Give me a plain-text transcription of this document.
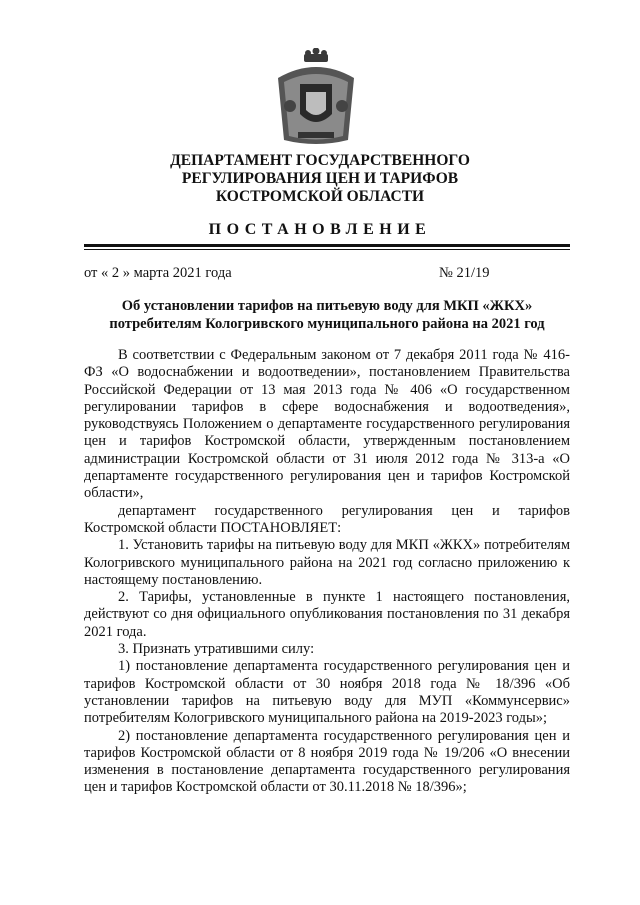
ДЕПАРТАМЕНТ ГОСУДАРСТВЕННОГО
РЕГУЛИРОВАНИЯ ЦЕН И ТАРИФОВ
КОСТРОМСКОЙ ОБЛАСТИ
ПОСТАНОВЛЕНИЕ
от « 2 » марта 2021 года	№ 21/19
Об установлении тарифов на питьевую воду для МКП «ЖКХ»
потребителям Кологривского муниципального района на 2021 год

В соответствии с Федеральным законом от 7 декабря 2011 года № 416-ФЗ «О водоснабжении и водоотведении», постановлением Правительства Российской Федерации от 13 мая 2013 года № 406 «О государственном регулировании тарифов в сфере водоснабжения и водоотведения», руководствуясь Положением о департаменте государственного регулирования цен и тарифов Костромской области, утвержденным постановлением администрации Костромской области от 31 июля 2012 года № 313-а «О департаменте государственного регулирования цен и тарифов Костромской области»,

департамент государственного регулирования цен и тарифов Костромской области ПОСТАНОВЛЯЕТ:

1. Установить тарифы на питьевую воду для МКП «ЖКХ» потребителям Кологривского муниципального района на 2021 год согласно приложению к настоящему постановлению.

2. Тарифы, установленные в пункте 1 настоящего постановления, действуют со дня официального опубликования постановления по 31 декабря 2021 года.

3. Признать утратившими силу:

1) постановление департамента государственного регулирования цен и тарифов Костромской области от 30 ноября 2018 года № 18/396 «Об установлении тарифов на питьевую воду для МУП «Коммунсервис» потребителям Кологривского муниципального района на 2019-2023 годы»;

2) постановление департамента государственного регулирования цен и тарифов Костромской области от 8 ноября 2019 года № 19/206 «О внесении изменения в постановление департамента государственного регулирования цен и тарифов Костромской области от 30.11.2018 № 18/396»;
